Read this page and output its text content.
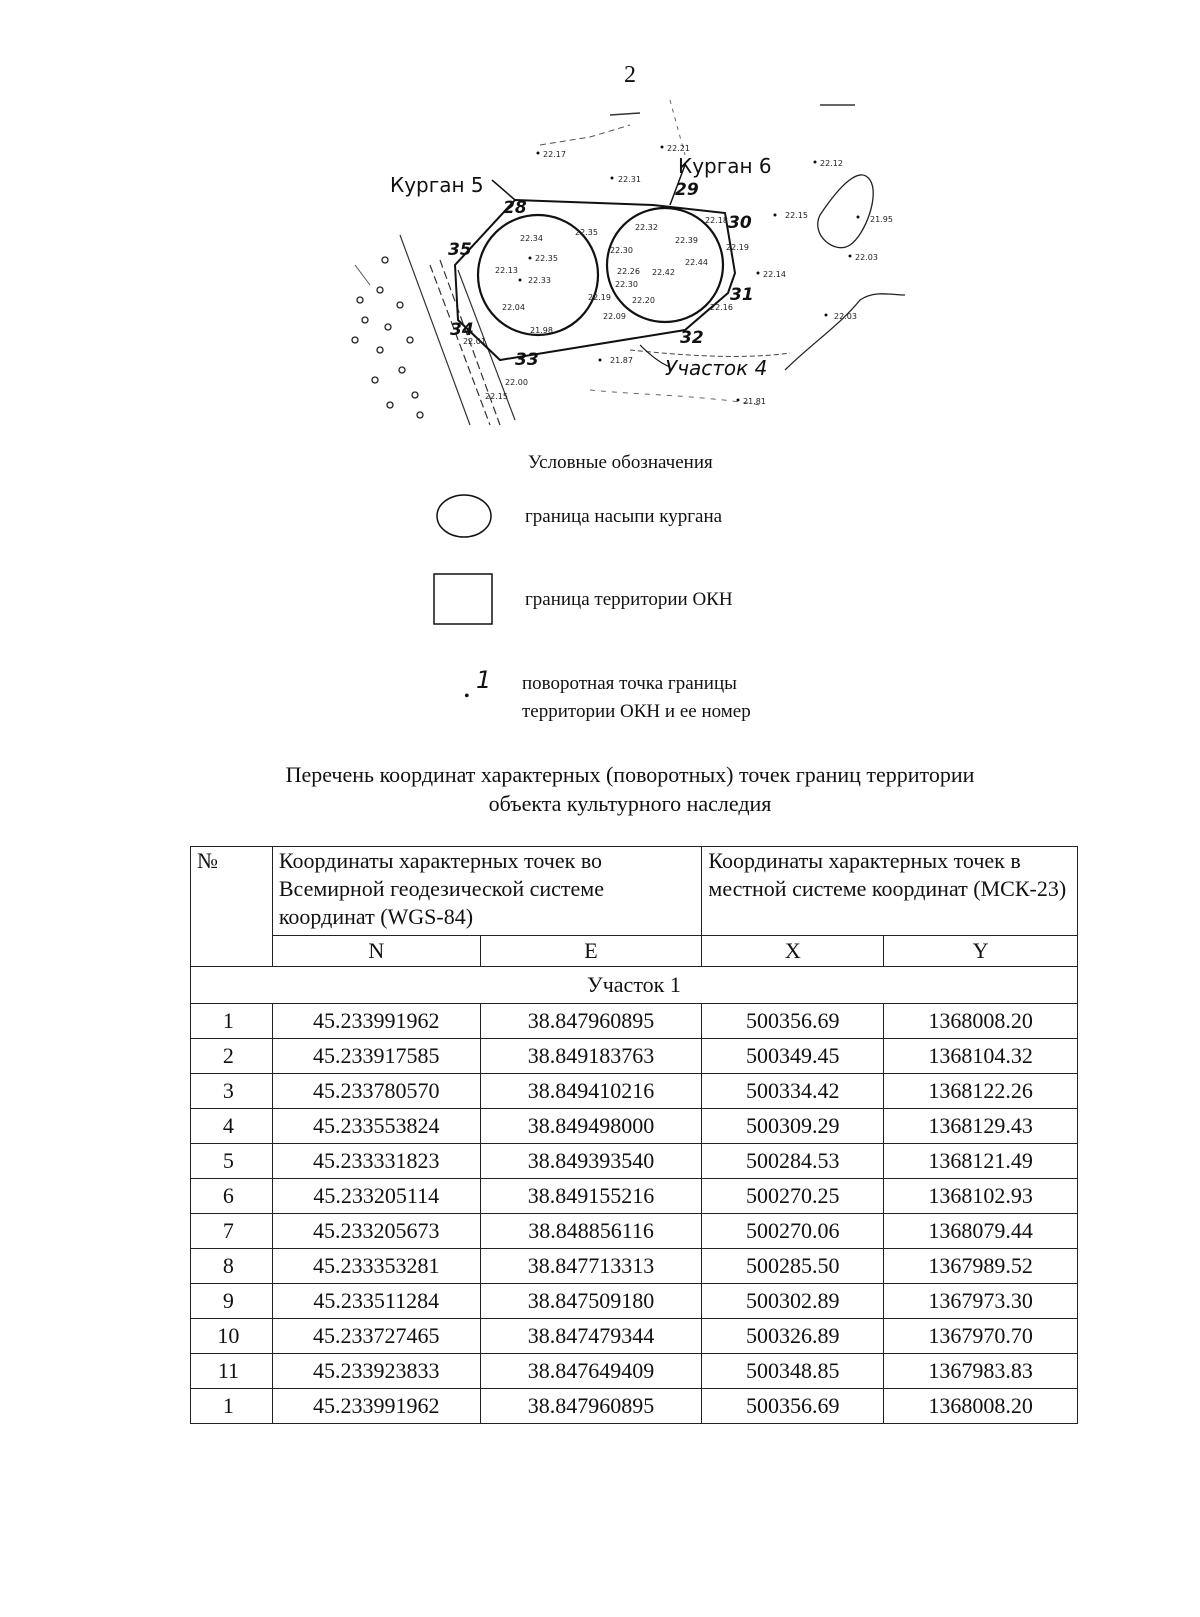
2
22.17
22.21
22.31
22.12
22.15	21.95
22.34
22.35
22.32
22.39
22.18
22.30	22.19
22.35	22.44
22.03
22.13
22.33
22.26 22.42
22.30
22.14
22.19	22.20
22.16
22.04
22.09
22.01
21.98
21.87
22.00
22.15
21.81
22.03
28
29
30
31
32
33
34
35
Курган 5
Курган 6
Участок 4
Условные обозначения
граница насыпи кургана
граница территории ОКН
•
1 поворотная точка границы
территории ОКН и ее номер
Перечень координат характерных (поворотных) точек границ территории
объекта культурного наследия
№	Координаты характерных точек во Всемирной геодезической системе координат (WGS-84)		Координаты характерных точек в местной системе координат (МСК-23)	
	N	E	X	Y
Участок 1				
1	45.233991962	38.847960895	500356.69	1368008.20
2	45.233917585	38.849183763	500349.45	1368104.32
3	45.233780570	38.849410216	500334.42	1368122.26
4	45.233553824	38.849498000	500309.29	1368129.43
5	45.233331823	38.849393540	500284.53	1368121.49
6	45.233205114	38.849155216	500270.25	1368102.93
7	45.233205673	38.848856116	500270.06	1368079.44
8	45.233353281	38.847713313	500285.50	1367989.52
9	45.233511284	38.847509180	500302.89	1367973.30
10	45.233727465	38.847479344	500326.89	1367970.70
11	45.233923833	38.847649409	500348.85	1367983.83
1	45.233991962	38.847960895	500356.69	1368008.20
